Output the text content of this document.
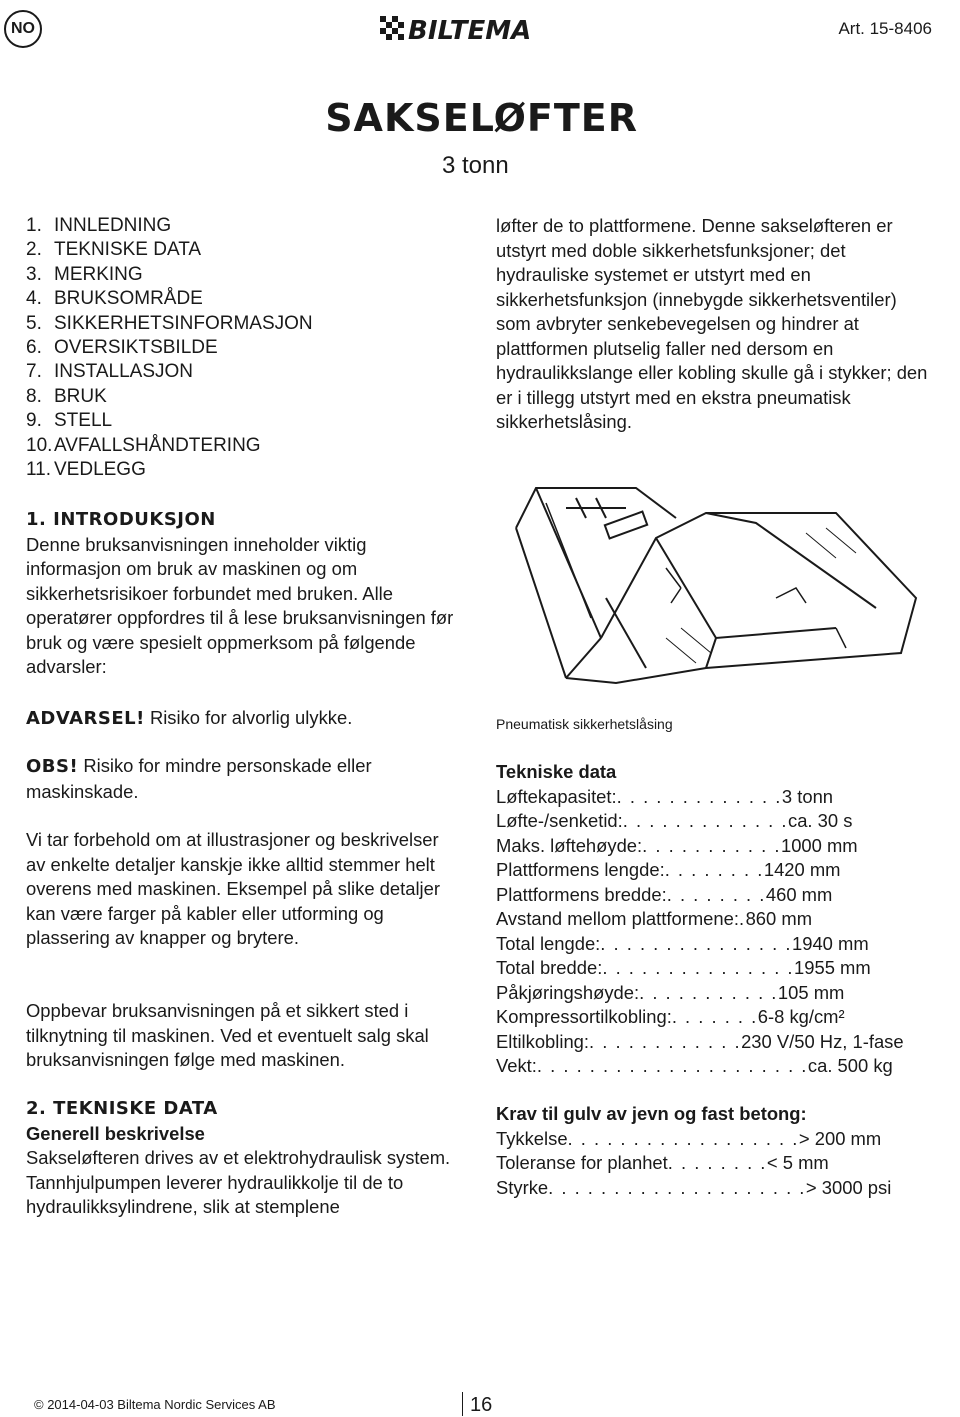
NO	BILTEMA	Art. 15-8406
SAKSELØFTER
3 tonn
1. INNLEDNING
2. TEKNISKE DATA
3. MERKING
4. BRUKSOMRÅDE
5. SIKKERHETSINFORMASJON
6. OVERSIKTSBILDE
7. INSTALLASJON
8. BRUK
9. STELL
10.AVFALLSHÅNDTERING
11. VEDLEGG
1. INTRODUKSJON

Denne bruksanvisningen inneholder viktig informasjon om bruk av maskinen og om sikkerhetsrisikoer forbundet med bruken. Alle operatører oppfordres til å lese bruksanvisningen før bruk og være spesielt oppmerksom på følgende advarsler:

ADVARSEL! Risiko for alvorlig ulykke.

OBS! Risiko for mindre personskade eller maskinskade.

Vi tar forbehold om at illustrasjoner og beskrivelser av enkelte detaljer kanskje ikke alltid stemmer helt overens med maskinen. Eksempel på slike detaljer kan være farger på kabler eller utforming og plassering av knapper og brytere.

Oppbevar bruksanvisningen på et sikkert sted i tilknytning til maskinen. Ved et eventuelt salg skal bruksanvisningen følge med maskinen.

2. TEKNISKE DATA
Generell beskrivelse

Sakseløfteren drives av et elektrohydraulisk system. Tannhjulpumpen leverer hydraulikkolje til de to hydraulikksylindrene, slik at stemplene

løfter de to plattformene. Denne sakseløfteren er utstyrt med doble sikkerhetsfunksjoner; det hydrauliske systemet er utstyrt med en sikkerhetsfunksjon (innebygde sikkerhetsventiler) som avbryter senkebevegelsen og hindrer at plattformen plutselig faller ned dersom en hydraulikkslange eller kobling skulle gå i stykker; den er i tillegg utstyrt med en ekstra pneumatisk sikkerhetslåsing.

Pneumatisk sikkerhetslåsing
Tekniske data
Løftekapasitet: . . . . . . . . . . . . . 3 tonn
Løfte-/senketid: . . . . . . . . . . . . . ca. 30 s
Maks. løftehøyde: . . . . . . . . . . . 1000 mm
Plattformens lengde: . . . . . . . . 1420 mm
Plattformens bredde: . . . . . . . . 460 mm
Avstand mellom plattformene: . 860 mm
Total lengde: . . . . . . . . . . . . . . . 1940 mm
Total bredde: . . . . . . . . . . . . . . . 1955 mm
Påkjøringshøyde: . . . . . . . . . . . 105 mm
Kompressortilkobling: . . . . . . . 6-8 kg/cm²
Eltilkobling: . . . . . . . . . . . . 230 V/50 Hz, 1-fase
Vekt: . . . . . . . . . . . . . . . . . . . . . ca. 500 kg
Krav til gulv av jevn og fast betong:
Tykkelse . . . . . . . . . . . . . . . . . . > 200 mm
Toleranse for planhet . . . . . . . . < 5 mm
Styrke . . . . . . . . . . . . . . . . . . . . > 3000 psi
© 2014-04-03 Biltema Nordic Services AB	16
